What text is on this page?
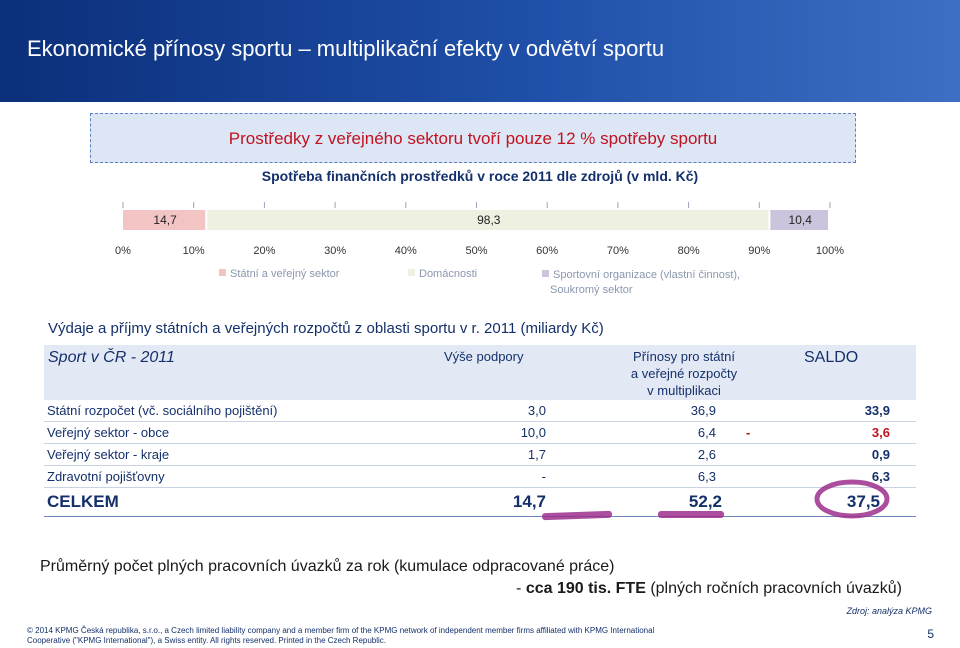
Ekonomické přínosy sportu – multiplikační efekty v odvětví sportu
Prostředky z veřejného sektoru tvoří pouze 12 % spotřeby sportu
Spotřeba finančních prostředků v roce 2011 dle zdrojů (v mld. Kč)
0%	10%	20%	30%	40%	50%	60%	70%	80%	90%	100%
14,7	98,3	10,4
Státní a veřejný sektor	Domácnosti	Sportovní organizace (vlastní činnost),
Soukromý sektor
Výdaje a příjmy státních a veřejných rozpočtů z oblasti sportu v r. 2011 (miliardy Kč)
Sport v ČR - 2011	Výše podpory	Přínosy pro státní
a veřejné rozpočty
v multiplikaci
SALDO
Státní rozpočet (vč. sociálního pojištění)	3,0	36,9	33,9
Veřejný sektor - obce	10,0	6,4 -	3,6
Veřejný sektor - kraje	1,7	2,6	0,9
Zdravotní pojišťovny	-	6,3	6,3
CELKEM	14,7	52,2	37,5
Průměrný počet plných pracovních úvazků za rok (kumulace odpracované práce)
- cca 190 tis. FTE (plných ročních pracovních úvazků)
Zdroj: analýza KPMG
© 2014 KPMG Česká republika, s.r.o., a Czech limited liability company and a member firm of the KPMG network of independent member firms affiliated with KPMG International
Cooperative ("KPMG International"), a Swiss entity. All rights reserved. Printed in the Czech Republic.	5
